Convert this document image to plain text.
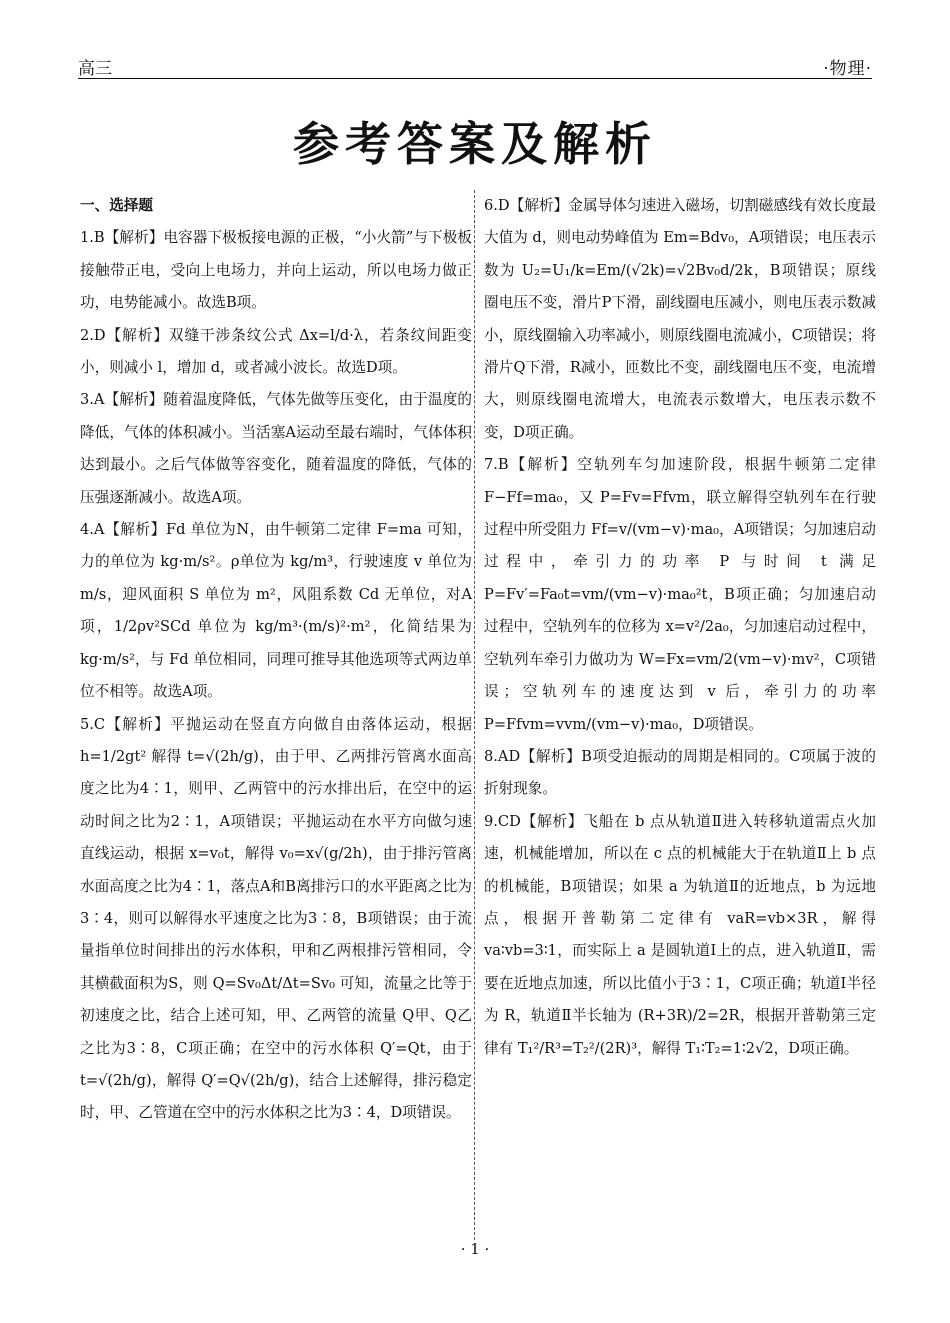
高三	·物理·
参考答案及解析
一、选择题

1.B【解析】电容器下极板接电源的正极，“小火箭”与下极板接触带正电，受向上电场力，并向上运动，所以电场力做正功，电势能减小。故选B项。

2.D【解析】双缝干涉条纹公式 Δx=l/d·λ，若条纹间距变小，则减小 l，增加 d，或者减小波长。故选D项。

3.A【解析】随着温度降低，气体先做等压变化，由于温度的降低，气体的体积减小。当活塞A运动至最右端时，气体体积达到最小。之后气体做等容变化，随着温度的降低，气体的压强逐渐减小。故选A项。

4.A【解析】Fd 单位为N，由牛顿第二定律 F=ma 可知，力的单位为 kg·m/s²。ρ单位为 kg/m³，行驶速度 v 单位为 m/s，迎风面积 S 单位为 m²，风阻系数 Cd 无单位，对A项，1/2ρv²SCd 单位为 kg/m³·(m/s)²·m²，化简结果为 kg·m/s²，与 Fd 单位相同，同理可推导其他选项等式两边单位不相等。故选A项。

5.C【解析】平抛运动在竖直方向做自由落体运动，根据 h=1/2gt² 解得 t=√(2h/g)，由于甲、乙两排污管离水面高度之比为4∶1，则甲、乙两管中的污水排出后，在空中的运动时间之比为2∶1，A项错误；平抛运动在水平方向做匀速直线运动，根据 x=v₀t，解得 v₀=x√(g/2h)，由于排污管离水面高度之比为4∶1，落点A和B离排污口的水平距离之比为3∶4，则可以解得水平速度之比为3∶8，B项错误；由于流量指单位时间排出的污水体积，甲和乙两根排污管相同，令其横截面积为S，则 Q=Sv₀Δt/Δt=Sv₀ 可知，流量之比等于初速度之比，结合上述可知，甲、乙两管的流量 Q甲、Q乙 之比为3∶8，C项正确；在空中的污水体积 Q′=Qt，由于 t=√(2h/g)，解得 Q′=Q√(2h/g)，结合上述解得，排污稳定时，甲、乙管道在空中的污水体积之比为3∶4，D项错误。

6.D【解析】金属导体匀速进入磁场，切割磁感线有效长度最大值为 d，则电动势峰值为 Em=Bdv₀，A项错误；电压表示数为 U₂=U₁/k=Em/(√2k)=√2Bv₀d/2k，B项错误；原线圈电压不变，滑片P下滑，副线圈电压减小，则电压表示数减小，原线圈输入功率减小，则原线圈电流减小，C项错误；将滑片Q下滑，R减小，匝数比不变，副线圈电压不变，电流增大，则原线圈电流增大，电流表示数增大，电压表示数不变，D项正确。

7.B【解析】空轨列车匀加速阶段，根据牛顿第二定律 F−Ff=ma₀，又 P=Fv=Ffvm，联立解得空轨列车在行驶过程中所受阻力 Ff=v/(vm−v)·ma₀，A项错误；匀加速启动过程中，牵引力的功率 P 与时间 t 满足 P=Fv′=Fa₀t=vm/(vm−v)·ma₀²t，B项正确；匀加速启动过程中，空轨列车的位移为 x=v²/2a₀，匀加速启动过程中，空轨列车牵引力做功为 W=Fx=vm/2(vm−v)·mv²，C项错误；空轨列车的速度达到 v 后，牵引力的功率 P=Ffvm=vvm/(vm−v)·ma₀，D项错误。

8.AD【解析】B项受迫振动的周期是相同的。C项属于波的折射现象。

9.CD【解析】飞船在 b 点从轨道Ⅱ进入转移轨道需点火加速，机械能增加，所以在 c 点的机械能大于在轨道Ⅱ上 b 点的机械能，B项错误；如果 a 为轨道Ⅱ的近地点，b 为远地点，根据开普勒第二定律有 vaR=vb×3R，解得 va∶vb=3∶1，而实际上 a 是圆轨道Ⅰ上的点，进入轨道Ⅱ，需要在近地点加速，所以比值小于3∶1，C项正确；轨道Ⅰ半径为 R，轨道Ⅱ半长轴为 (R+3R)/2=2R，根据开普勒第三定律有 T₁²/R³=T₂²/(2R)³，解得 T₁∶T₂=1∶2√2，D项正确。

· 1 ·
